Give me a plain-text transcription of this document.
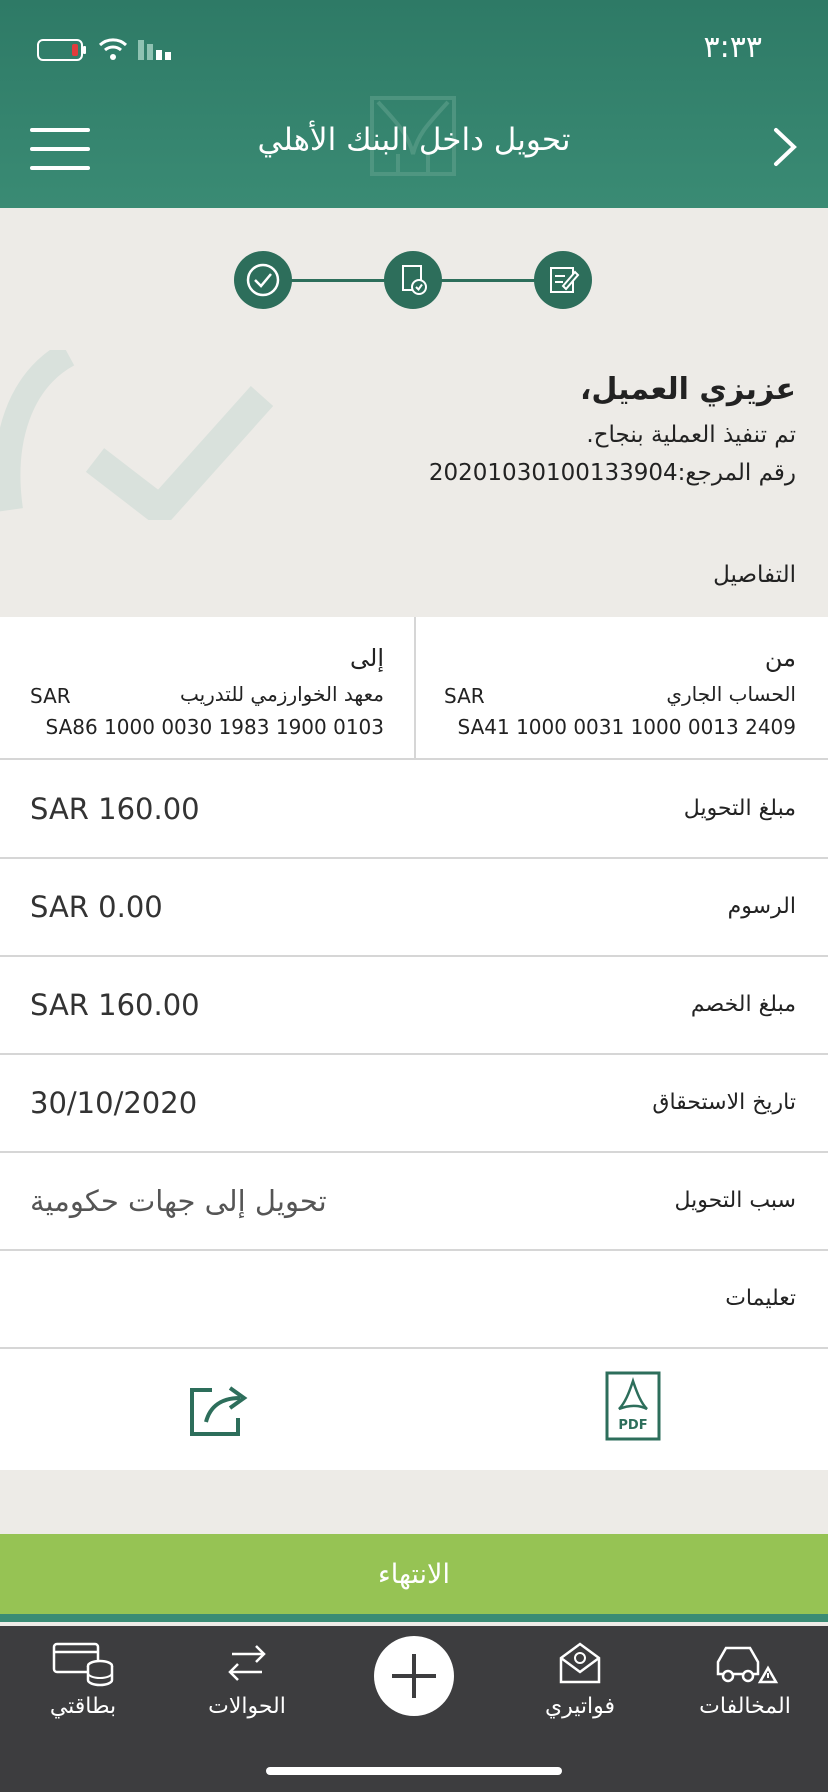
٣:٣٣
تحويل داخل البنك الأهلي
عزيزي العميل،
تم تنفيذ العملية بنجاح.
رقم المرجع:20201030100133904
التفاصيل
من
الحساب الجاري
SAR
SA41 1000 0031 1000 0013 2409
إلى
معهد الخوارزمي للتدريب
SAR
SA86 1000 0030 1983 1900 0103
مبلغ التحويل
SAR 160.00
الرسوم
SAR 0.00
مبلغ الخصم
SAR 160.00
تاريخ الاستحقاق
30/10/2020
سبب التحويل
تحويل إلى جهات حكومية
تعليمات
PDF
الانتهاء
المخالفات
فواتيري
الحوالات
بطاقتي
